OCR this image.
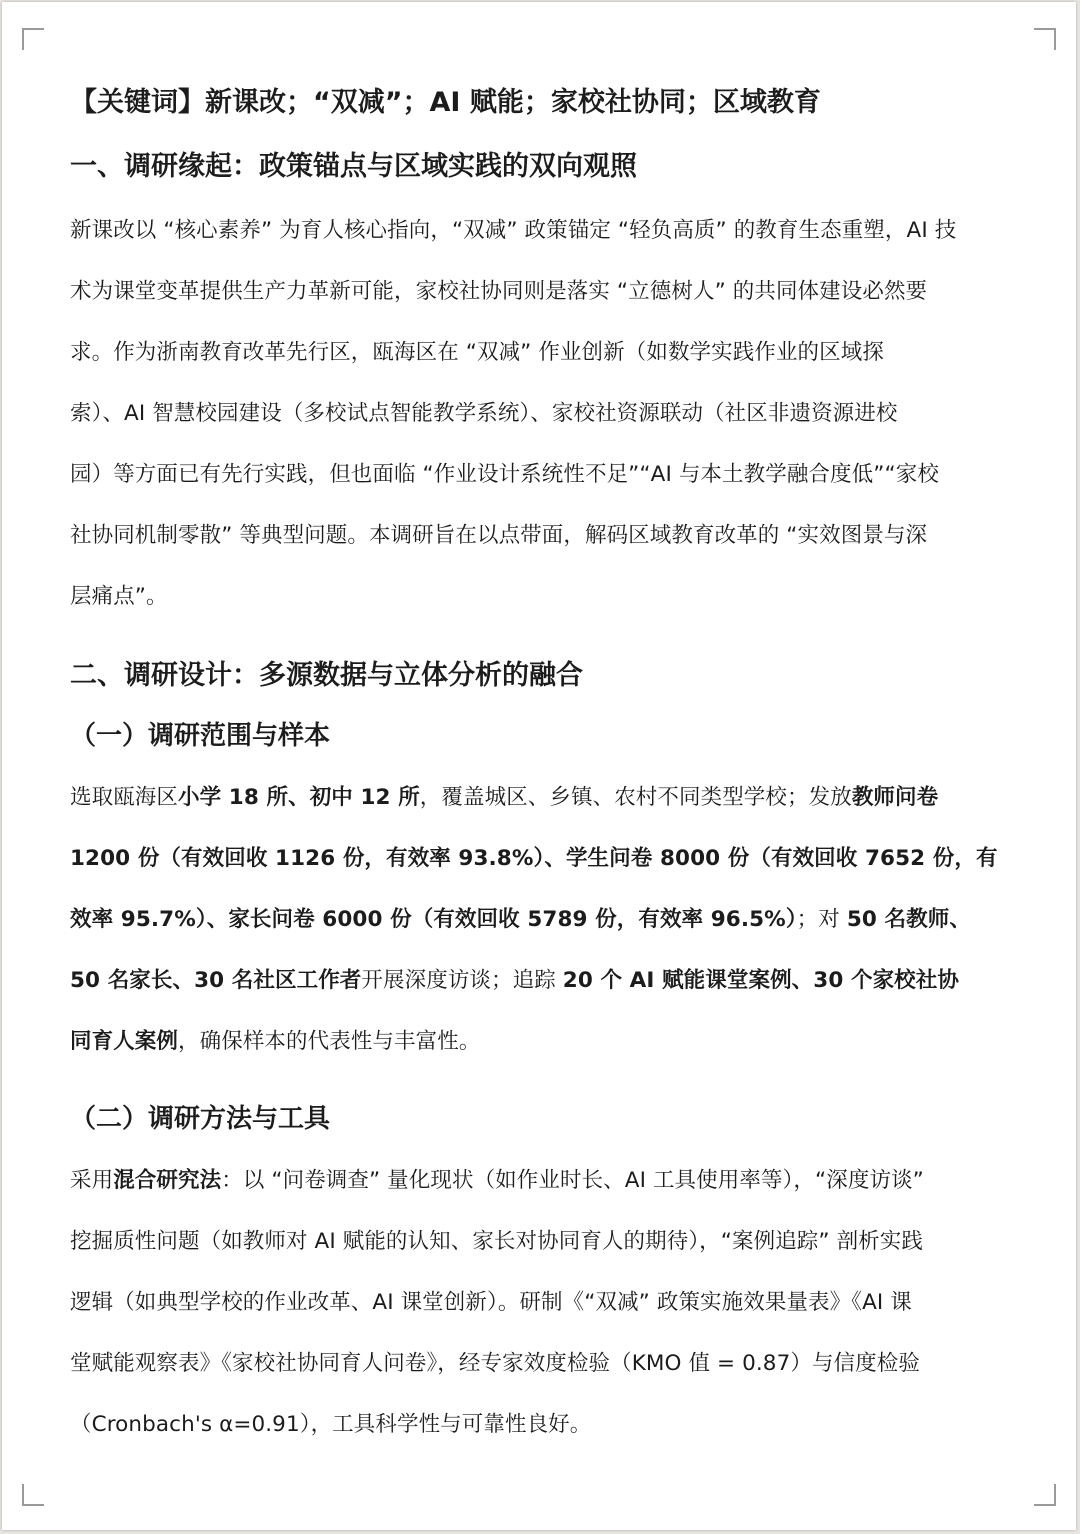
【关键词】新课改；“双减”；AI 赋能；家校社协同；区域教育

一、调研缘起：政策锚点与区域实践的双向观照
新课改以 “核心素养” 为育人核心指向，“双减” 政策锚定 “轻负高质” 的教育生态重塑，AI 技
术为课堂变革提供生产力革新可能，家校社协同则是落实 “立德树人” 的共同体建设必然要
求。作为浙南教育改革先行区，瓯海区在 “双减” 作业创新（如数学实践作业的区域探
索）、AI 智慧校园建设（多校试点智能教学系统）、家校社资源联动（社区非遗资源进校
园）等方面已有先行实践，但也面临 “作业设计系统性不足”“AI 与本土教学融合度低”“家校
社协同机制零散” 等典型问题。本调研旨在以点带面，解码区域教育改革的 “实效图景与深
层痛点”。
二、调研设计：多源数据与立体分析的融合
（一）调研范围与样本
选取瓯海区小学 18 所、初中 12 所，覆盖城区、乡镇、农村不同类型学校；发放教师问卷
1200 份（有效回收 1126 份，有效率 93.8%）、学生问卷 8000 份（有效回收 7652 份，有
效率 95.7%）、家长问卷 6000 份（有效回收 5789 份，有效率 96.5%）；对 50 名教师、
50 名家长、30 名社区工作者开展深度访谈；追踪 20 个 AI 赋能课堂案例、30 个家校社协
同育人案例，确保样本的代表性与丰富性。
（二）调研方法与工具
采用混合研究法：以 “问卷调查” 量化现状（如作业时长、AI 工具使用率等），“深度访谈”
挖掘质性问题（如教师对 AI 赋能的认知、家长对协同育人的期待），“案例追踪” 剖析实践
逻辑（如典型学校的作业改革、AI 课堂创新）。研制《“双减” 政策实施效果量表》《AI 课
堂赋能观察表》《家校社协同育人问卷》，经专家效度检验（KMO 值 = 0.87）与信度检验
（Cronbach's α=0.91），工具科学性与可靠性良好。
